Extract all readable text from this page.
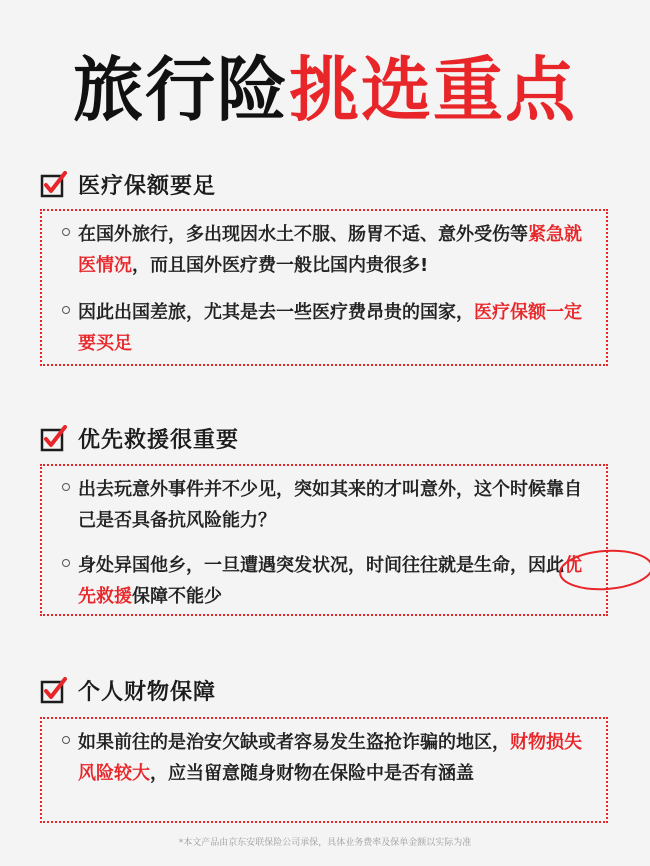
旅行险挑选重点
医疗保额要足
在国外旅行，多出现因水土不服、肠胃不适、意外受伤等紧急就医情况，而且国外医疗费一般比国内贵很多!
因此出国差旅，尤其是去一些医疗费昂贵的国家，医疗保额一定要买足
优先救援很重要
出去玩意外事件并不少见，突如其来的才叫意外，这个时候靠自己是否具备抗风险能力？
身处异国他乡，一旦遭遇突发状况，时间往往就是生命，因此
优先救援保障不能少
个人财物保障
如果前往的是治安欠缺或者容易发生盗抢诈骗的地区，财物损失风险较大，应当留意随身财物在保险中是否有涵盖
*本文产品由京东安联保险公司承保，具体业务费率及保单金额以实际为准
